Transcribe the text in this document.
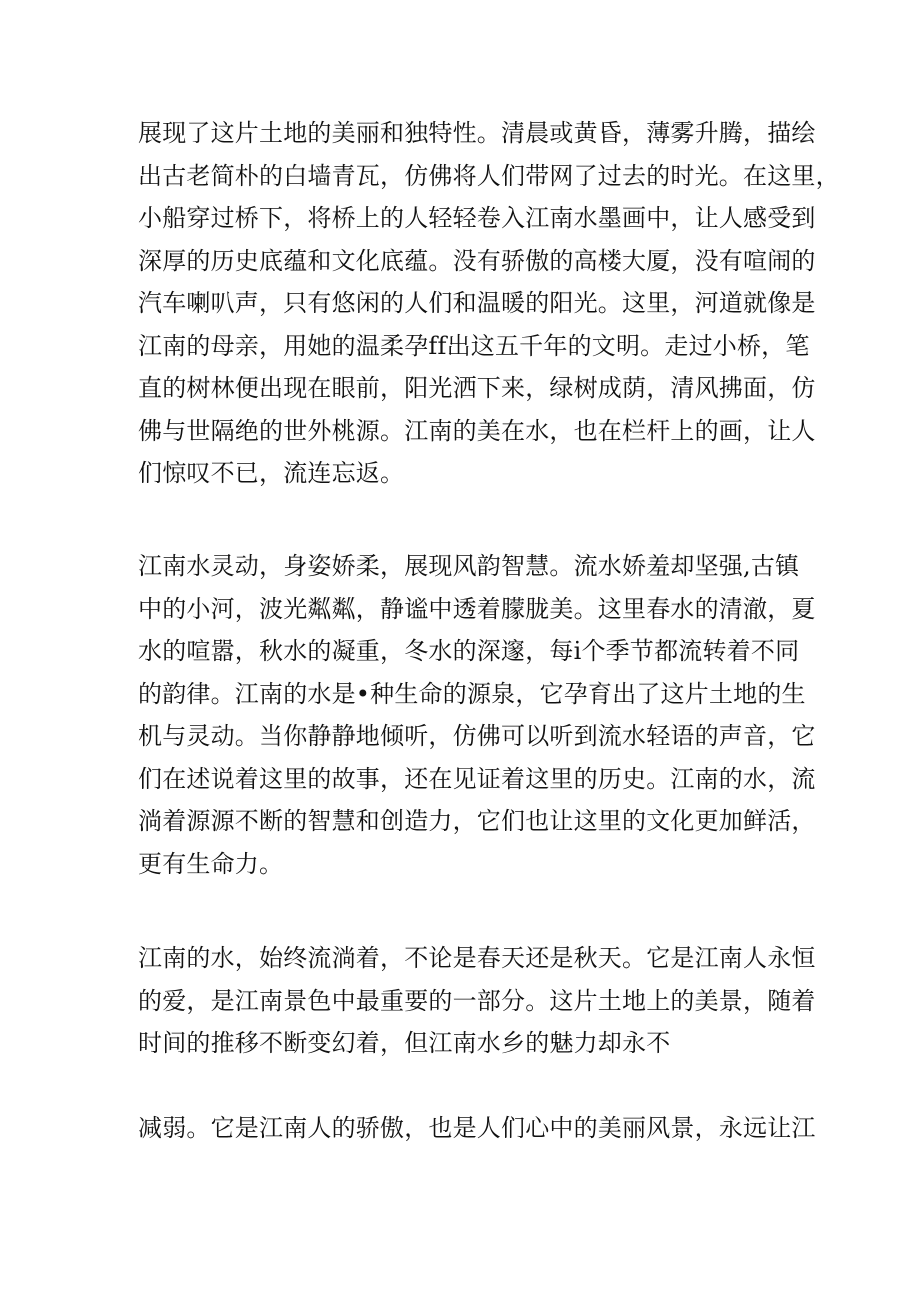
展现了这片土地的美丽和独特性。清晨或黄昏，薄雾升腾，描绘
出古老简朴的白墙青瓦，仿佛将人们带网了过去的时光。在这里，
小船穿过桥下，将桥上的人轻轻卷入江南水墨画中，让人感受到
深厚的历史底蕴和文化底蕴。没有骄傲的高楼大厦，没有喧闹的
汽车喇叭声，只有悠闲的人们和温暖的阳光。这里，河道就像是
江南的母亲，用她的温柔孕ff出这五千年的文明。走过小桥，笔
直的树林便出现在眼前，阳光洒下来，绿树成荫，清风拂面，仿
佛与世隔绝的世外桃源。江南的美在水，也在栏杆上的画，让人
们惊叹不已，流连忘返。
江南水灵动，身姿娇柔，展现风韵智慧。流水娇羞却坚强,古镇
中的小河，波光粼粼，静谧中透着朦胧美。这里春水的清澈，夏
水的喧嚣，秋水的凝重，冬水的深邃，每i个季节都流转着不同
的韵律。江南的水是•种生命的源泉，它孕育出了这片土地的生
机与灵动。当你静静地倾听，仿佛可以听到流水轻语的声音，它
们在述说着这里的故事，还在见证着这里的历史。江南的水，流
淌着源源不断的智慧和创造力，它们也让这里的文化更加鲜活，
更有生命力。
江南的水，始终流淌着，不论是春天还是秋天。它是江南人永恒
的爱，是江南景色中最重要的一部分。这片土地上的美景，随着
时间的推移不断变幻着，但江南水乡的魅力却永不
减弱。它是江南人的骄傲，也是人们心中的美丽风景，永远让江
